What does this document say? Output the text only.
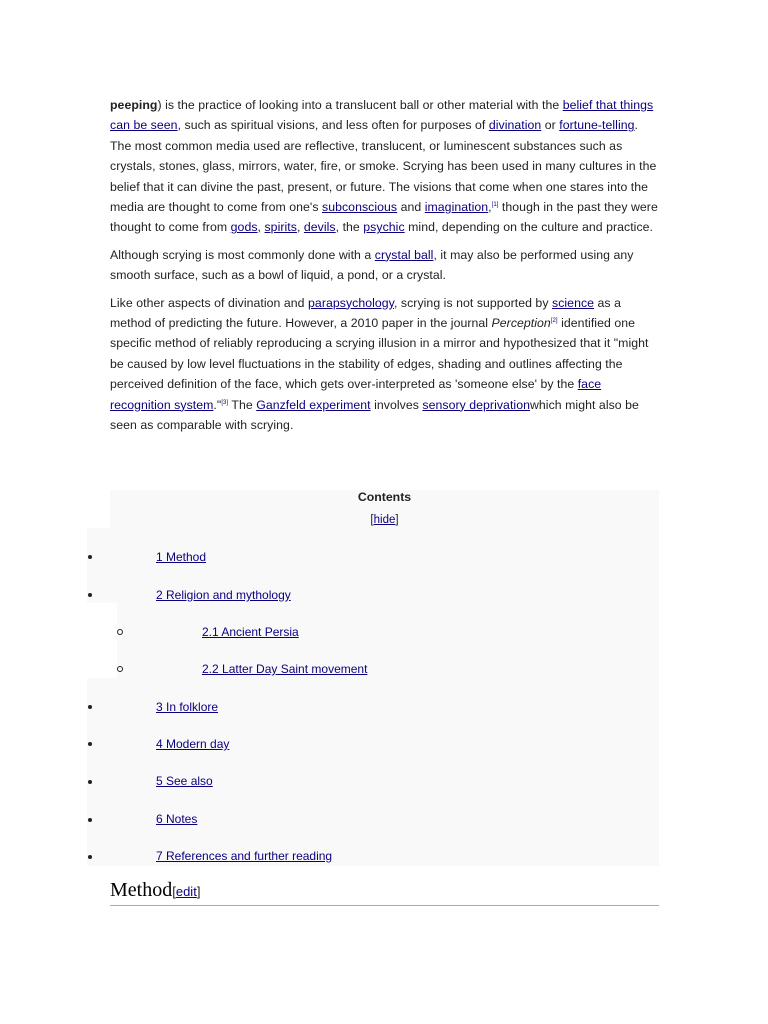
peeping) is the practice of looking into a translucent ball or other material with the belief that things can be seen, such as spiritual visions, and less often for purposes of divination or fortune-telling. The most common media used are reflective, translucent, or luminescent substances such as crystals, stones, glass, mirrors, water, fire, or smoke. Scrying has been used in many cultures in the belief that it can divine the past, present, or future. The visions that come when one stares into the media are thought to come from one's subconscious and imagination,[1] though in the past they were thought to come from gods, spirits, devils, the psychic mind, depending on the culture and practice.

Although scrying is most commonly done with a crystal ball, it may also be performed using any smooth surface, such as a bowl of liquid, a pond, or a crystal.

Like other aspects of divination and parapsychology, scrying is not supported by science as a method of predicting the future. However, a 2010 paper in the journal Perception[2] identified one specific method of reliably reproducing a scrying illusion in a mirror and hypothesized that it "might be caused by low level fluctuations in the stability of edges, shading and outlines affecting the perceived definition of the face, which gets over-interpreted as 'someone else' by the face recognition system."[3] The Ganzfeld experiment involves sensory deprivationwhich might also be seen as comparable with scrying.

Contents
[hide]
1 Method
2 Religion and mythology
2.1 Ancient Persia
2.2 Latter Day Saint movement
3 In folklore
4 Modern day
5 See also
6 Notes
7 References and further reading
Method[edit]
